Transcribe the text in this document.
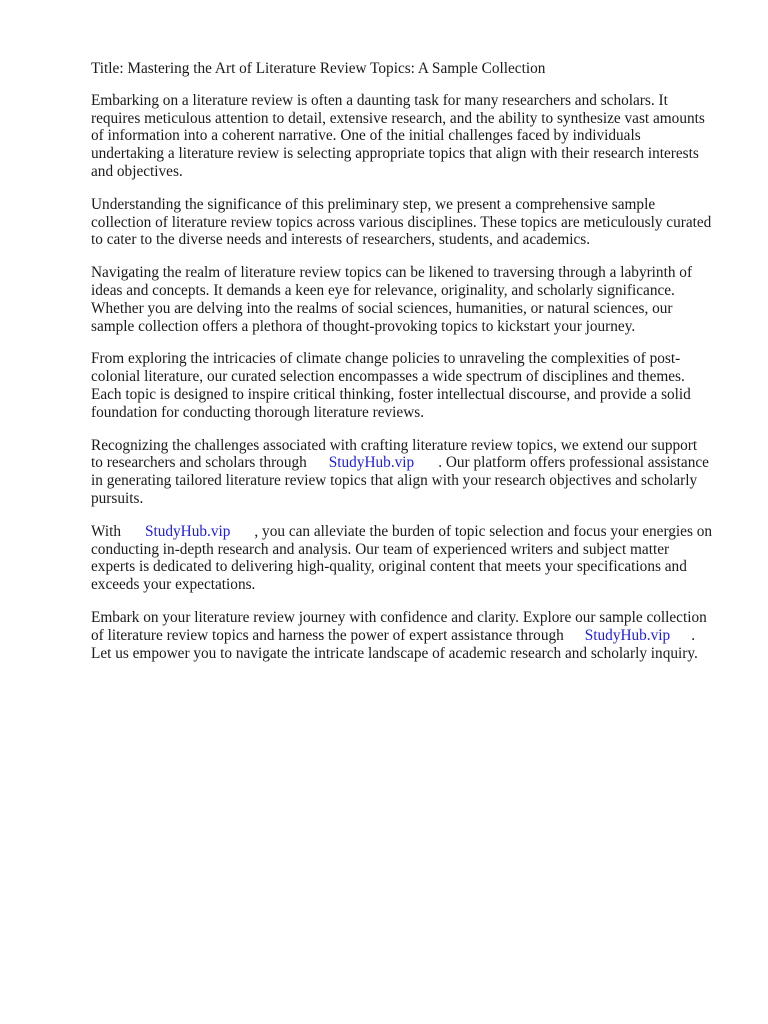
Title: Mastering the Art of Literature Review Topics: A Sample Collection

Embarking on a literature review is often a daunting task for many researchers and scholars. It
requires meticulous attention to detail, extensive research, and the ability to synthesize vast amounts
of information into a coherent narrative. One of the initial challenges faced by individuals
undertaking a literature review is selecting appropriate topics that align with their research interests
and objectives.

Understanding the significance of this preliminary step, we present a comprehensive sample
collection of literature review topics across various disciplines. These topics are meticulously curated
to cater to the diverse needs and interests of researchers, students, and academics.

Navigating the realm of literature review topics can be likened to traversing through a labyrinth of
ideas and concepts. It demands a keen eye for relevance, originality, and scholarly significance.
Whether you are delving into the realms of social sciences, humanities, or natural sciences, our
sample collection offers a plethora of thought-provoking topics to kickstart your journey.

From exploring the intricacies of climate change policies to unraveling the complexities of post-
colonial literature, our curated selection encompasses a wide spectrum of disciplines and themes.
Each topic is designed to inspire critical thinking, foster intellectual discourse, and provide a solid
foundation for conducting thorough literature reviews.

Recognizing the challenges associated with crafting literature review topics, we extend our support
to researchers and scholars through StudyHub.vip . Our platform offers professional assistance
in generating tailored literature review topics that align with your research objectives and scholarly
pursuits.

With StudyHub.vip , you can alleviate the burden of topic selection and focus your energies on
conducting in-depth research and analysis. Our team of experienced writers and subject matter
experts is dedicated to delivering high-quality, original content that meets your specifications and
exceeds your expectations.

Embark on your literature review journey with confidence and clarity. Explore our sample collection
of literature review topics and harness the power of expert assistance through StudyHub.vip .
Let us empower you to navigate the intricate landscape of academic research and scholarly inquiry.
